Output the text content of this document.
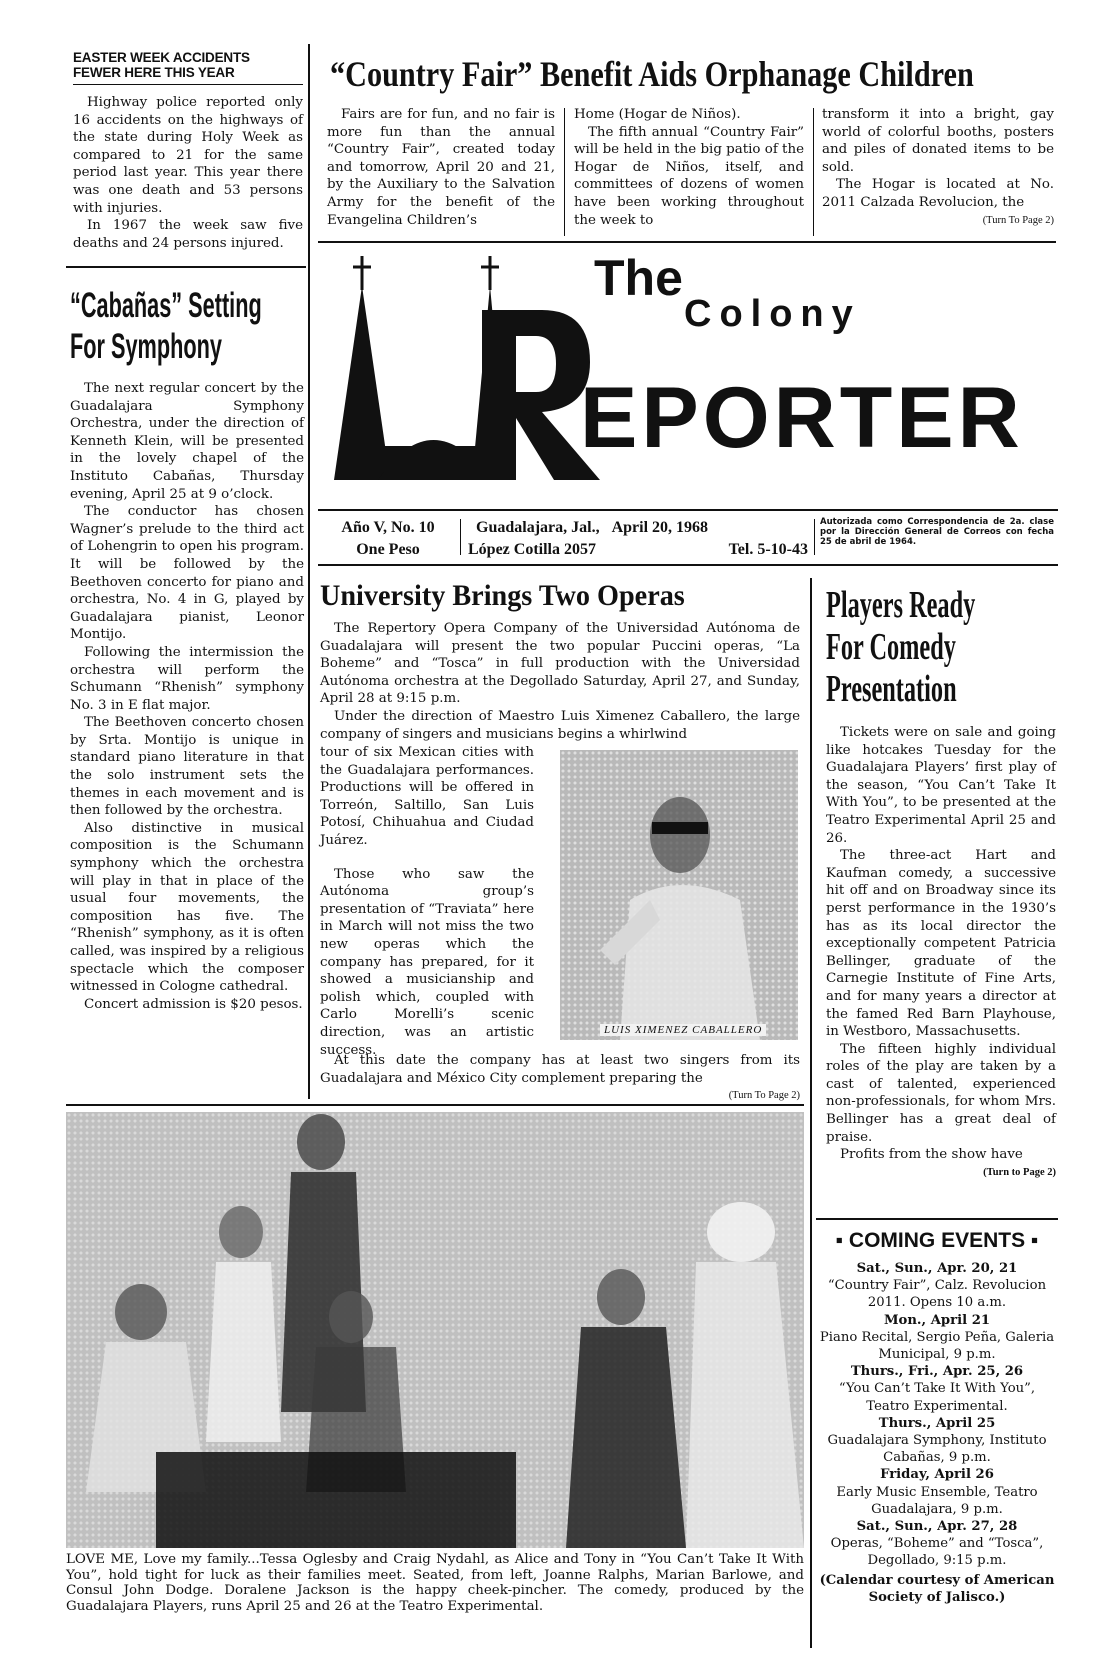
EASTER WEEK ACCIDENTS
FEWER HERE THIS YEAR

Highway police reported only 16 accidents on the highways of the state during Holy Week as compared to 21 for the same period last year. This year there was one death and 53 persons with injuries.

In 1967 the week saw five deaths and 24 persons injured.

“Cabañas” Setting
For Symphony

The next regular concert by the Guadalajara Symphony Orchestra, under the direction of Kenneth Klein, will be presented in the lovely chapel of the Instituto Cabañas, Thursday evening, April 25 at 9 o’clock.

The conductor has chosen Wagner’s prelude to the third act of Lohengrin to open his program. It will be followed by the Beethoven concerto for piano and orchestra, No. 4 in G, played by Guadalajara pianist, Leonor Montijo.

Following the intermission the orchestra will perform the Schumann “Rhenish” symphony No. 3 in E flat major.

The Beethoven concerto chosen by Srta. Montijo is unique in standard piano literature in that the solo instrument sets the themes in each movement and is then followed by the orchestra.

Also distinctive in musical composition is the Schumann symphony which the orchestra will play in that in place of the usual four movements, the composition has five. The “Rhenish” symphony, as it is often called, was inspired by a religious spectacle which the composer witnessed in Cologne cathedral.

Concert admission is $20 pesos.

“Country Fair” Benefit Aids Orphanage Children

Fairs are for fun, and no fair is more fun than the annual “Country Fair”, created today and tomorrow, April 20 and 21, by the Auxiliary to the Salvation Army for the benefit of the Evangelina Children’s

Home (Hogar de Niños).

The fifth annual “Country Fair” will be held in the big patio of the Hogar de Niños, itself, and committees of dozens of women have been working throughout the week to

transform it into a bright, gay world of colorful booths, posters and piles of donated items to be sold.

The Hogar is located at No. 2011 Calzada Revolucion, the

(Turn To Page 2)

The
Colony
EPORTER
Año V, No. 10
One Peso
Guadalajara, Jal., April 20, 1968
López Cotilla 2057	Tel. 5-10-43
Autorizada como Correspondencia de 2a. clase por la Dirección General de Correos con fecha 25 de abril de 1964.
University Brings Two Operas

The Repertory Opera Company of the Universidad Autónoma de Guadalajara will present the two popular Puccini operas, “La Boheme” and “Tosca” in full production with the Universidad Autónoma orchestra at the Degollado Saturday, April 27, and Sunday, April 28 at 9:15 p.m.

Under the direction of Maestro Luis Ximenez Caballero, the large company of singers and musicians begins a whirlwind

tour of six Mexican cities with the Guadalajara performances. Productions will be offered in Torreón, Saltillo, San Luis Potosí, Chihuahua and Ciudad Juárez.

Those who saw the Autónoma group’s presentation of “Traviata” here in March will not miss the two new operas which the company has prepared, for it showed a musicianship and polish which, coupled with Carlo Morelli’s scenic direction, was an artistic success.

LUIS XIMENEZ CABALLERO

At this date the company has at least two singers from its Guadalajara and México City complement preparing the

(Turn To Page 2)

Players Ready
For Comedy
Presentation

Tickets were on sale and going like hotcakes Tuesday for the Guadalajara Players’ first play of the season, “You Can’t Take It With You”, to be presented at the Teatro Experimental April 25 and 26.

The three-act Hart and Kaufman comedy, a successive hit off and on Broadway since its perst performance in the 1930’s has as its local director the exceptionally competent Patricia Bellinger, graduate of the Carnegie Institute of Fine Arts, and for many years a director at the famed Red Barn Playhouse, in Westboro, Massachusetts.

The fifteen highly individual roles of the play are taken by a cast of talented, experienced non-professionals, for whom Mrs. Bellinger has a great deal of praise.

Profits from the show have

(Turn to Page 2)

▪ COMING EVENTS ▪

Sat., Sun., Apr. 20, 21

“Country Fair”, Calz. Revolucion 2011. Opens 10 a.m.

Mon., April 21

Piano Recital, Sergio Peña, Galeria Municipal, 9 p.m.

Thurs., Fri., Apr. 25, 26

“You Can’t Take It With You”, Teatro Experimental.

Thurs., April 25

Guadalajara Symphony, Instituto Cabañas, 9 p.m.

Friday, April 26

Early Music Ensemble, Teatro Guadalajara, 9 p.m.

Sat., Sun., Apr. 27, 28

Operas, “Boheme” and “Tosca”, Degollado, 9:15 p.m.

(Calendar courtesy of American Society of Jalisco.)

LOVE ME, Love my family...Tessa Oglesby and Craig Nydahl, as Alice and Tony in “You Can’t Take It With You”, hold tight for luck as their families meet. Seated, from left, Joanne Ralphs, Marian Barlowe, and Consul John Dodge. Doralene Jackson is the happy cheek-pincher. The comedy, produced by the Guadalajara Players, runs April 25 and 26 at the Teatro Experimental.
